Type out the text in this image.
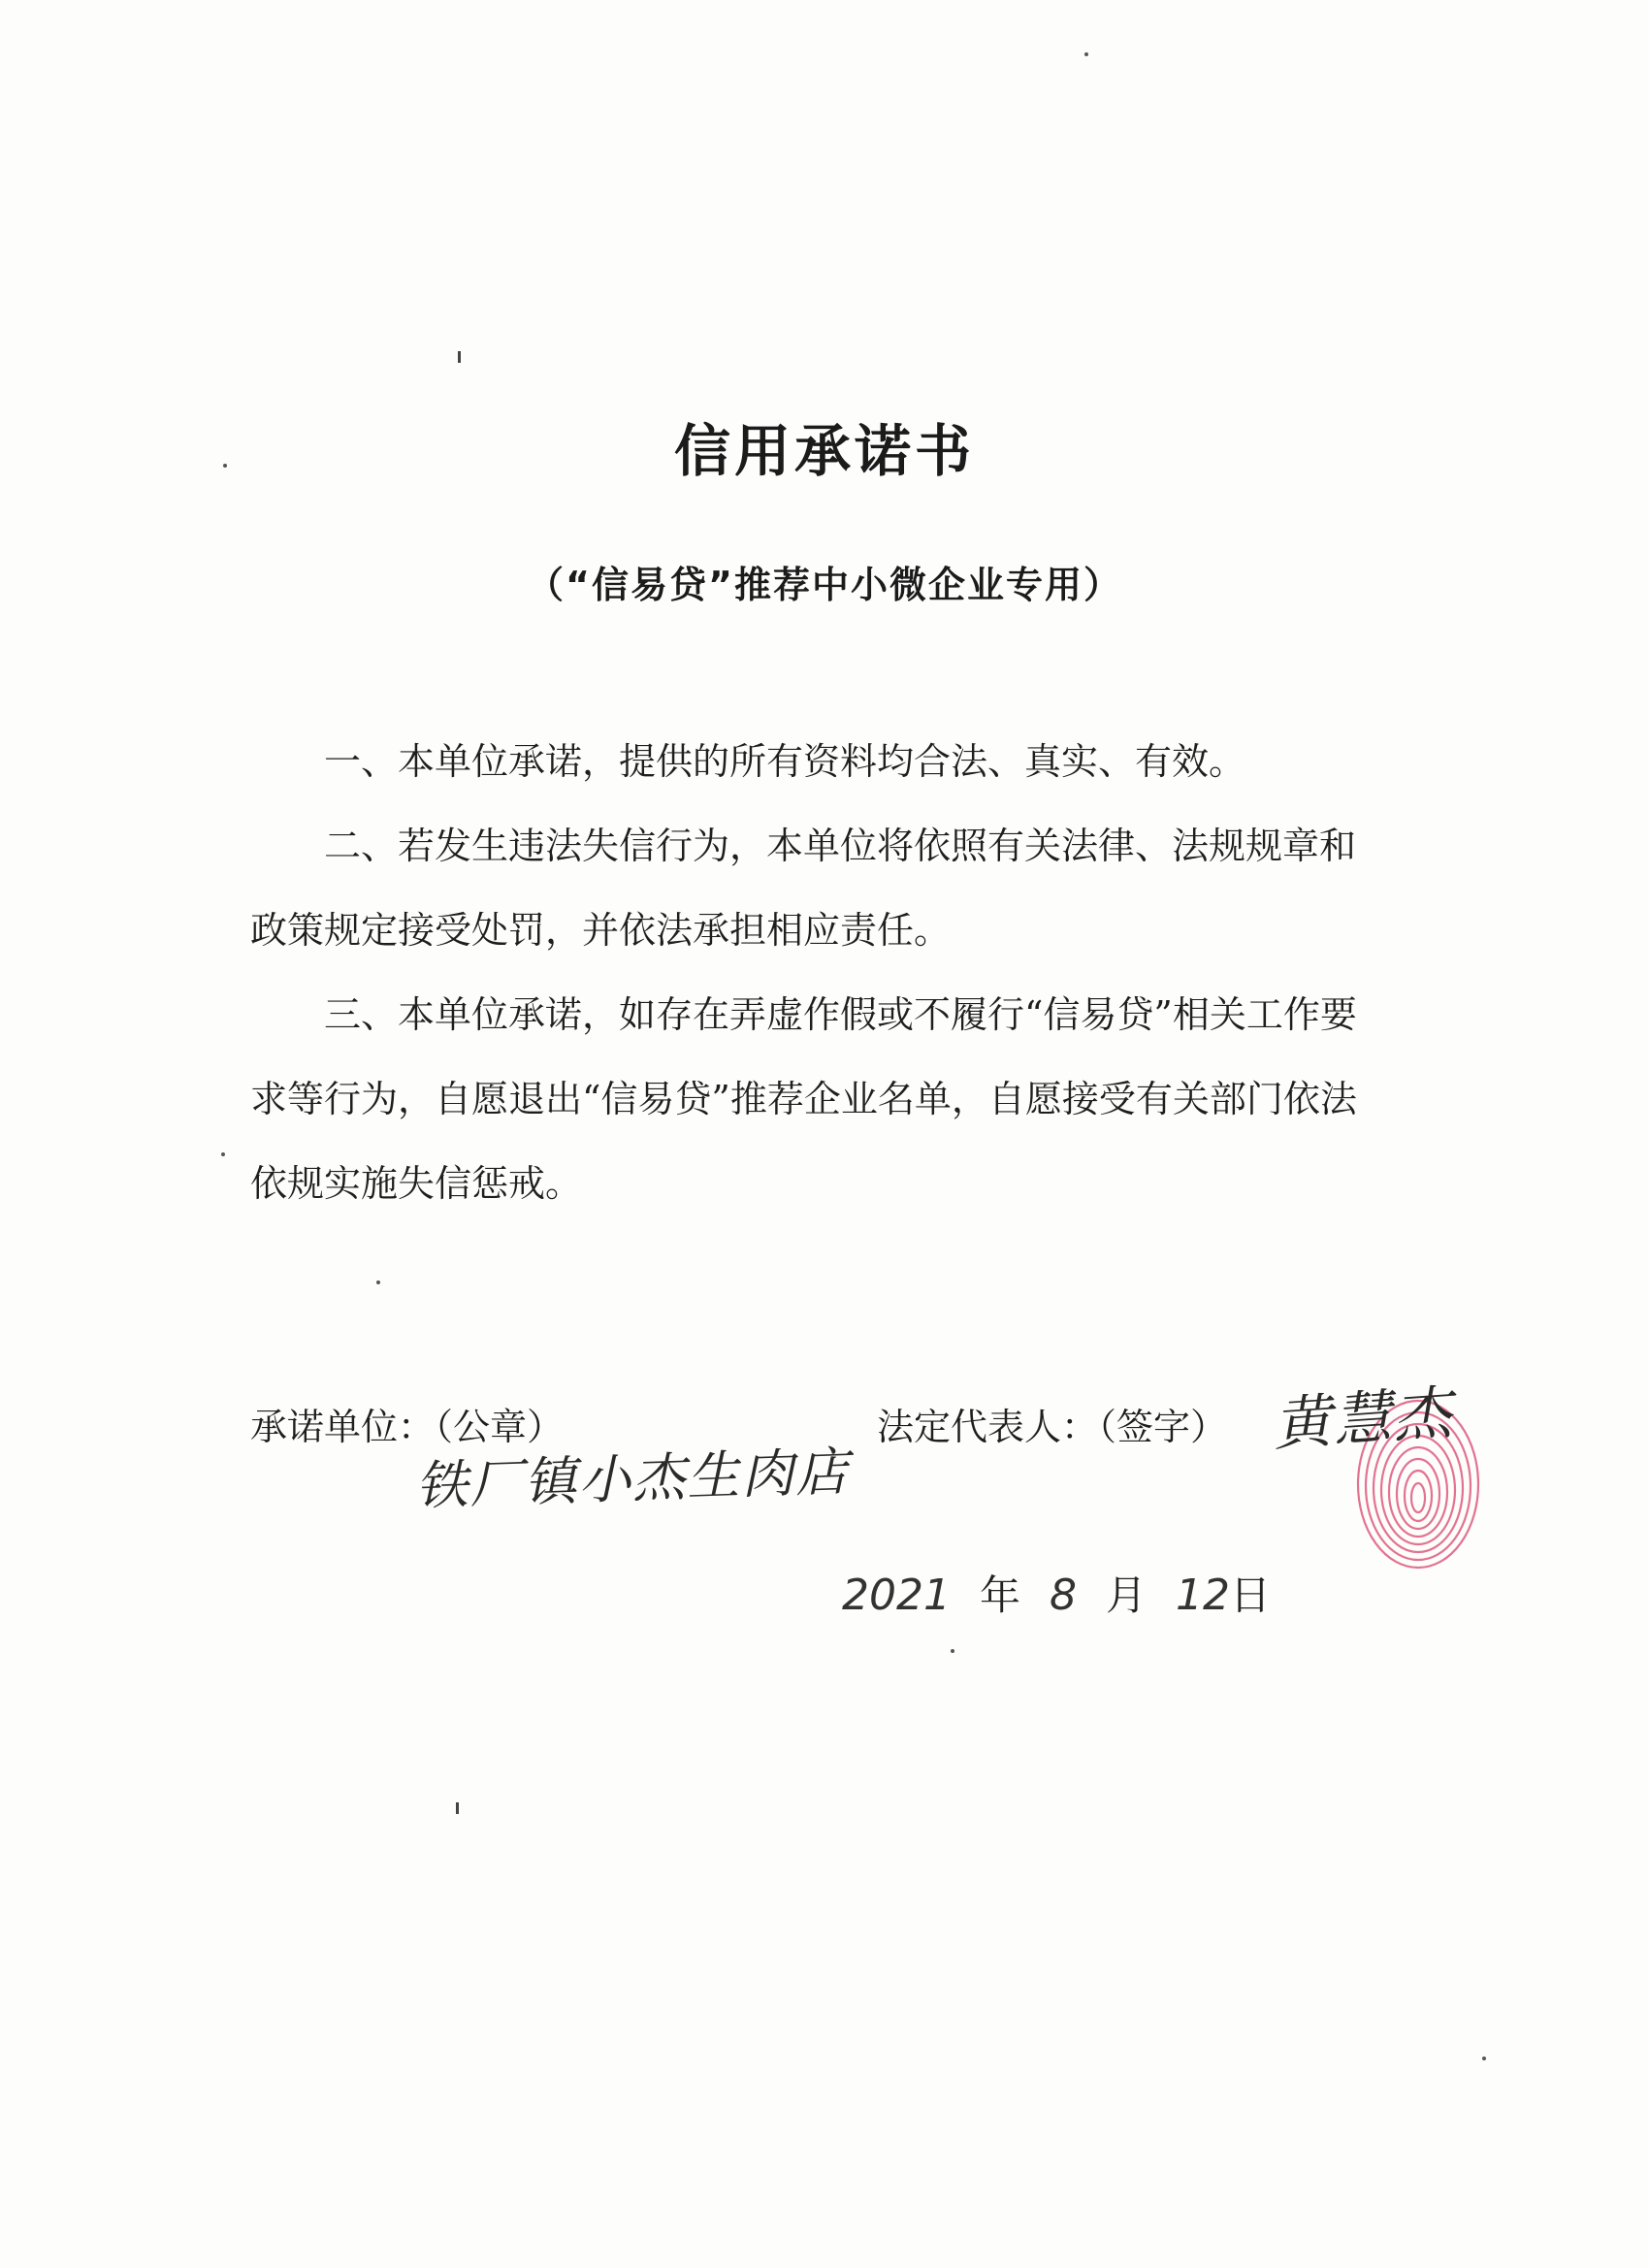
信用承诺书
（“信易贷”推荐中小微企业专用）

一、本单位承诺，提供的所有资料均合法、真实、有效。

二、若发生违法失信行为，本单位将依照有关法律、法规规章和政策规定接受处罚，并依法承担相应责任。

三、本单位承诺，如存在弄虚作假或不履行“信易贷”相关工作要求等行为，自愿退出“信易贷”推荐企业名单，自愿接受有关部门依法依规实施失信惩戒。

承诺单位：（公章）
铁厂镇小杰生肉店
法定代表人：（签字） 黄慧杰
2021 年 8 月 12日
